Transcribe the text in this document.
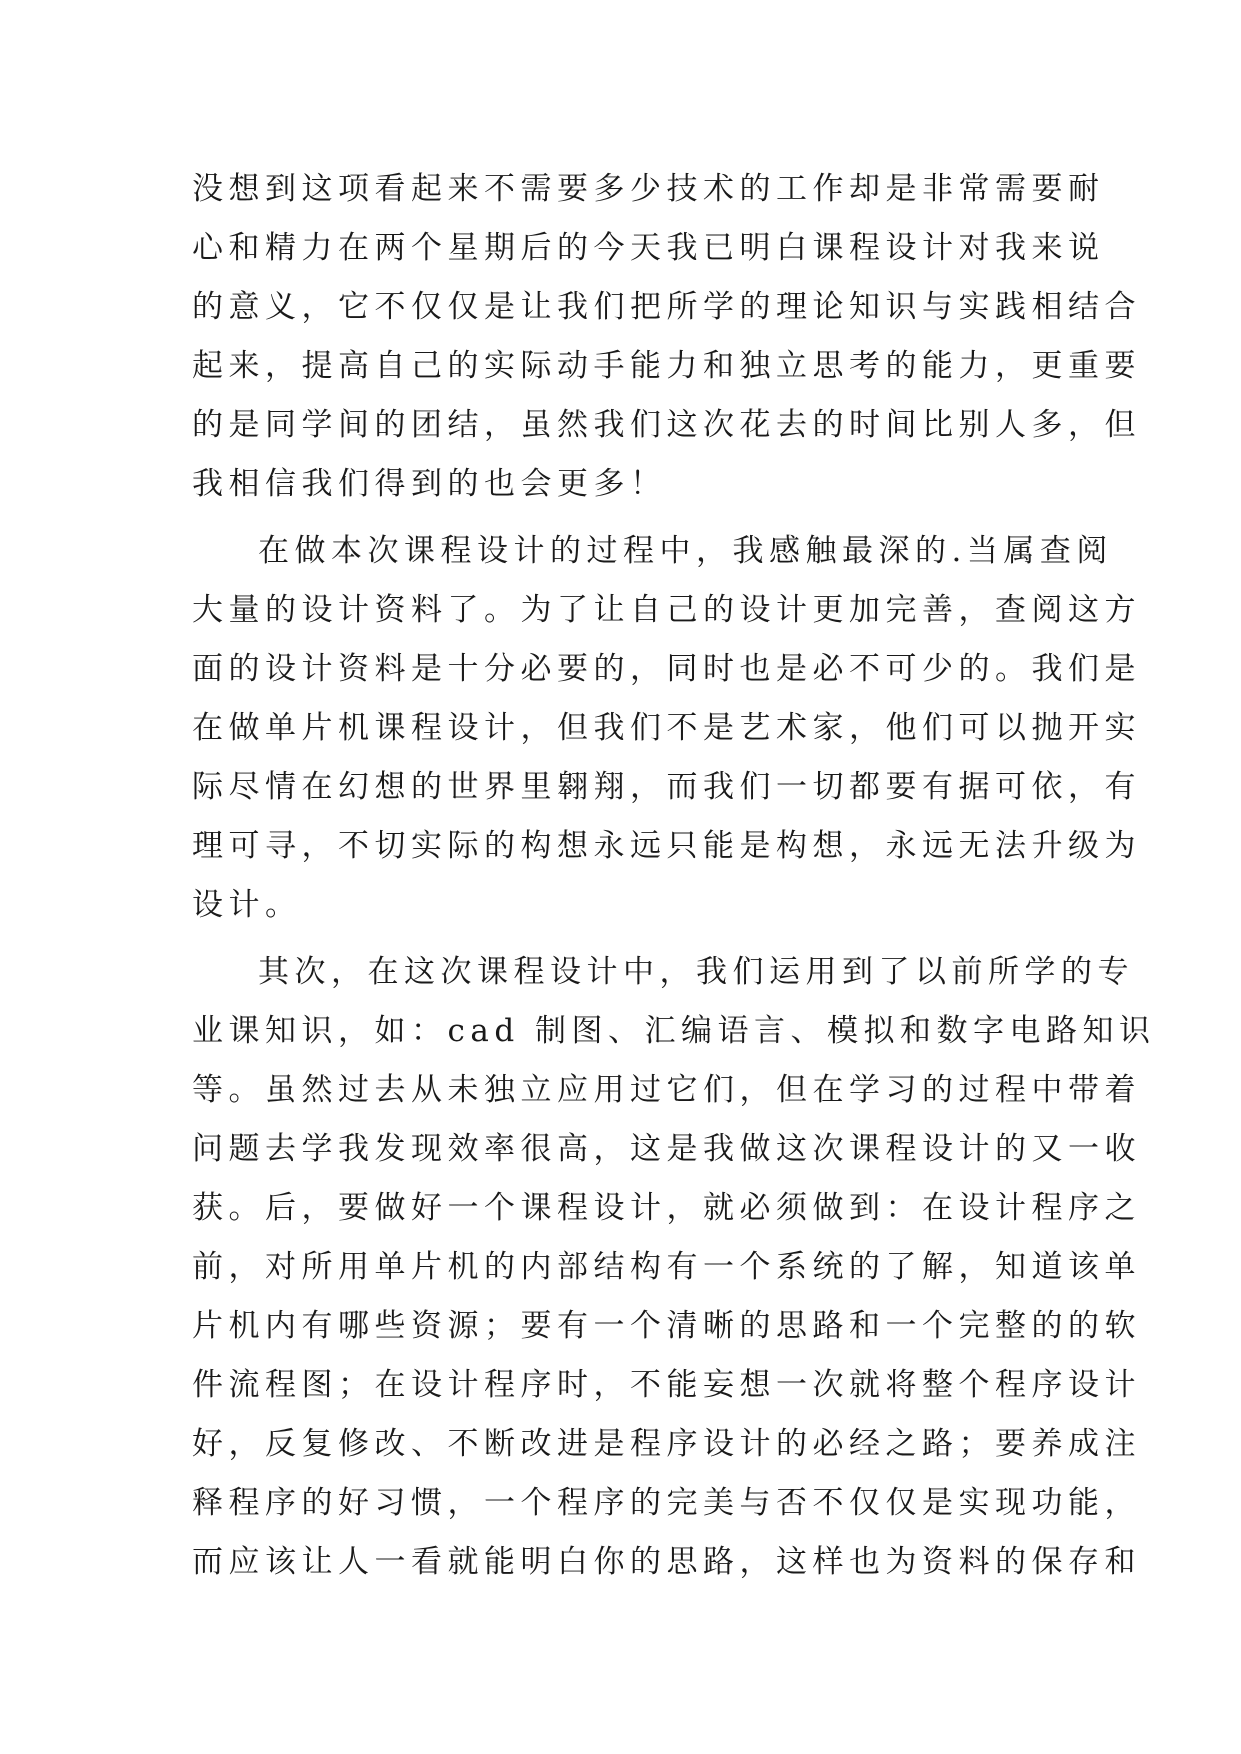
没想到这项看起来不需要多少技术的工作却是非常需要耐
心和精力在两个星期后的今天我已明白课程设计对我来说
的意义，它不仅仅是让我们把所学的理论知识与实践相结合
起来，提高自己的实际动手能力和独立思考的能力，更重要
的是同学间的团结，虽然我们这次花去的时间比别人多，但
我相信我们得到的也会更多！
在做本次课程设计的过程中，我感触最深的.当属查阅
大量的设计资料了。为了让自己的设计更加完善，查阅这方
面的设计资料是十分必要的，同时也是必不可少的。我们是
在做单片机课程设计，但我们不是艺术家，他们可以抛开实
际尽情在幻想的世界里翱翔，而我们一切都要有据可依，有
理可寻，不切实际的构想永远只能是构想，永远无法升级为
设计。
其次，在这次课程设计中，我们运用到了以前所学的专
业课知识，如：cad 制图、汇编语言、模拟和数字电路知识
等。虽然过去从未独立应用过它们，但在学习的过程中带着
问题去学我发现效率很高，这是我做这次课程设计的又一收
获。后，要做好一个课程设计，就必须做到：在设计程序之
前，对所用单片机的内部结构有一个系统的了解，知道该单
片机内有哪些资源；要有一个清晰的思路和一个完整的的软
件流程图；在设计程序时，不能妄想一次就将整个程序设计
好，反复修改、不断改进是程序设计的必经之路；要养成注
释程序的好习惯，一个程序的完美与否不仅仅是实现功能，
而应该让人一看就能明白你的思路，这样也为资料的保存和
